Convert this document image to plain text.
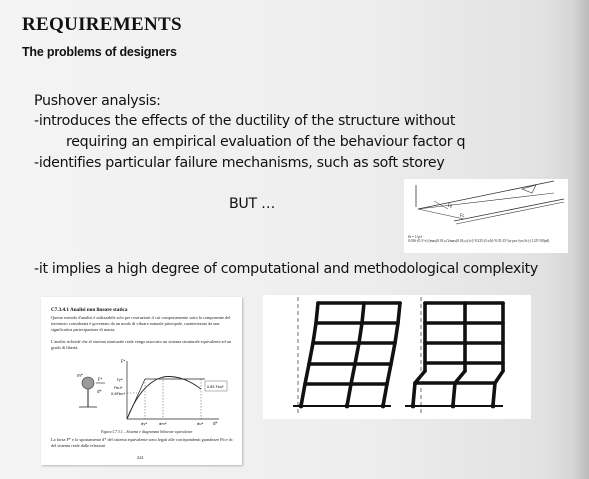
REQUIREMENTS
The problems of designers
Pushover analysis:
-introduces the effects of the ductility of the structure without
requiring an empirical evaluation of the behaviour factor q
-identifies particular failure mechanisms, such as soft storey
BUT …
-it implies a high degree of computational and methodological complexity
Fy
Fc
θr = 1/γel · 0.016·(0.3^ν)·[max(0.01;ω')/max(0.01;ω)·fc]^0.225·(Lv/h)^0.35·25^(α·ρsx·fyw/fc)·(1.25^100ρd)
C7.3.4.1 Analisi non lineare statica
Questo metodo d'analisi è utilizzabile solo per costruzioni il cui comportamento sotto la componente del terremoto considerata è governato da un modo di vibrare naturale principale, caratterizzato da una significativa partecipazione di massa.
L'analisi richiede che al sistema strutturale reale venga associato un sistema strutturale equivalente ad un grado di libertà.
F*
m*
d*
F*
d*
Fy*
Fbu*
0.6Fbu*
dy*	dm*	du*
0.85 Fbu*
Figura C7.3.1 – Sistema e diagramma bilineare equivalente
La forza F* e lo spostamento d* del sistema equivalente sono legati alle corrispondenti grandezze Fb e dc del sistema reale dalle relazioni
224
